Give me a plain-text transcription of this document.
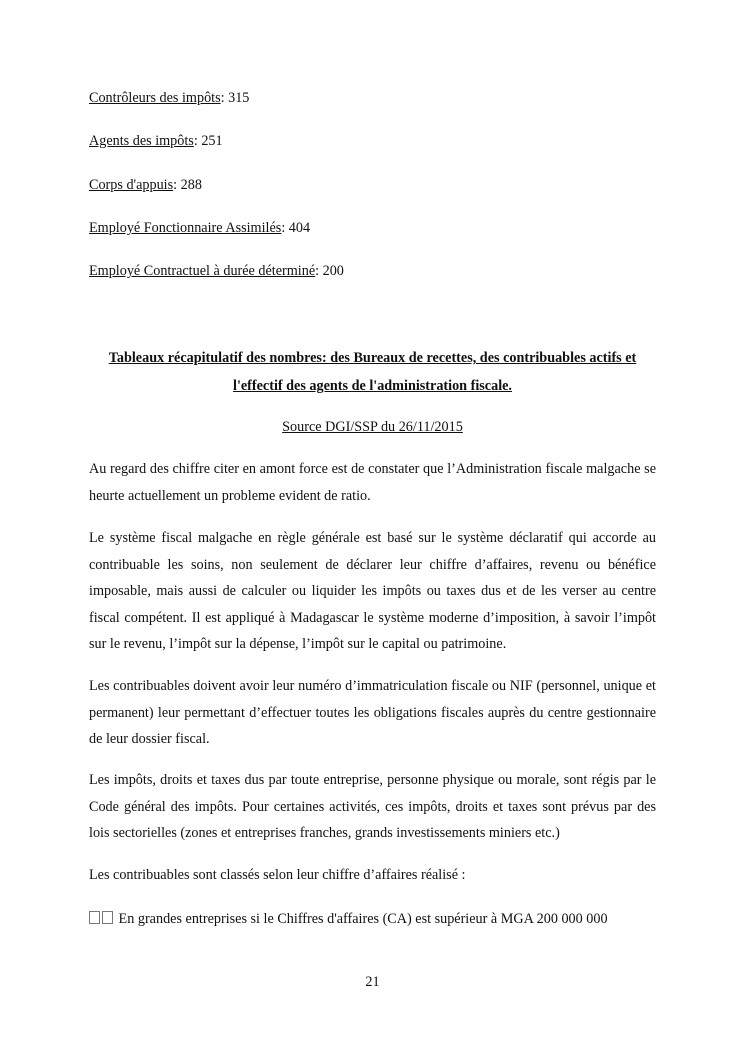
Contrôleurs des impôts: 315
Agents des impôts: 251
Corps d'appuis: 288
Employé Fonctionnaire Assimilés: 404
Employé Contractuel à durée déterminé: 200
Tableaux récapitulatif des nombres: des Bureaux de recettes, des contribuables actifs et
l'effectif des agents de l'administration fiscale.
Source DGI/SSP du 26/11/2015

Au regard des chiffre citer en amont force est de constater que l’Administration fiscale malgache se heurte actuellement un probleme evident de ratio.

Le système fiscal malgache en règle générale est basé sur le système déclaratif qui accorde au contribuable les soins, non seulement de déclarer leur chiffre d’affaires, revenu ou bénéfice imposable, mais aussi de calculer ou liquider les impôts ou taxes dus et de les verser au centre fiscal compétent. Il est appliqué à Madagascar le système moderne d’imposition, à savoir l’impôt sur le revenu, l’impôt sur la dépense, l’impôt sur le capital ou patrimoine.

Les contribuables doivent avoir leur numéro d’immatriculation fiscale ou NIF (personnel, unique et permanent) leur permettant d’effectuer toutes les obligations fiscales auprès du centre gestionnaire de leur dossier fiscal.

Les impôts, droits et taxes dus par toute entreprise, personne physique ou morale, sont régis par le Code général des impôts. Pour certaines activités, ces impôts, droits et taxes sont prévus par des lois sectorielles (zones et entreprises franches, grands investissements miniers etc.)

Les contribuables sont classés selon leur chiffre d’affaires réalisé :

En grandes entreprises si le Chiffres d'affaires (CA) est supérieur à MGA 200 000 000
21
